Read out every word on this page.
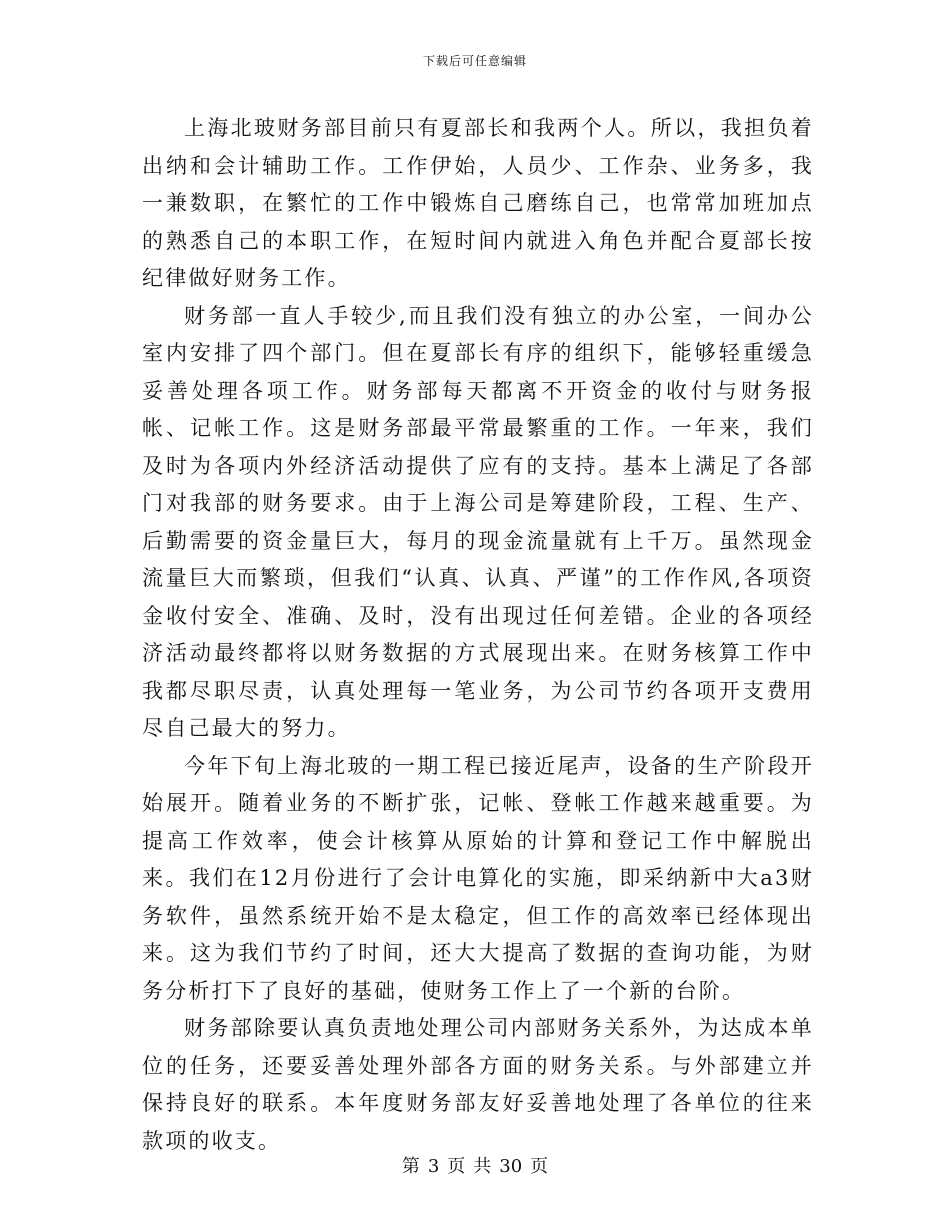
下载后可任意编辑

上海北玻财务部目前只有夏部长和我两个人。所以，我担负着出纳和会计辅助工作。工作伊始，人员少、工作杂、业务多，我一兼数职，在繁忙的工作中锻炼自己磨练自己，也常常加班加点的熟悉自己的本职工作，在短时间内就进入角色并配合夏部长按纪律做好财务工作。

财务部一直人手较少,而且我们没有独立的办公室，一间办公室内安排了四个部门。但在夏部长有序的组织下，能够轻重缓急妥善处理各项工作。财务部每天都离不开资金的收付与财务报帐、记帐工作。这是财务部最平常最繁重的工作。一年来，我们及时为各项内外经济活动提供了应有的支持。基本上满足了各部门对我部的财务要求。由于上海公司是筹建阶段，工程、生产、后勤需要的资金量巨大，每月的现金流量就有上千万。虽然现金流量巨大而繁琐，但我们“认真、认真、严谨”的工作作风,各项资金收付安全、准确、及时，没有出现过任何差错。企业的各项经济活动最终都将以财务数据的方式展现出来。在财务核算工作中我都尽职尽责，认真处理每一笔业务，为公司节约各项开支费用尽自己最大的努力。

今年下旬上海北玻的一期工程已接近尾声，设备的生产阶段开始展开。随着业务的不断扩张，记帐、登帐工作越来越重要。为提高工作效率，使会计核算从原始的计算和登记工作中解脱出来。我们在12月份进行了会计电算化的实施，即采纳新中大a3财务软件，虽然系统开始不是太稳定，但工作的高效率已经体现出来。这为我们节约了时间，还大大提高了数据的查询功能，为财务分析打下了良好的基础，使财务工作上了一个新的台阶。

财务部除要认真负责地处理公司内部财务关系外，为达成本单位的任务，还要妥善处理外部各方面的财务关系。与外部建立并保持良好的联系。本年度财务部友好妥善地处理了各单位的往来款项的收支。

第 3 页 共 30 页
